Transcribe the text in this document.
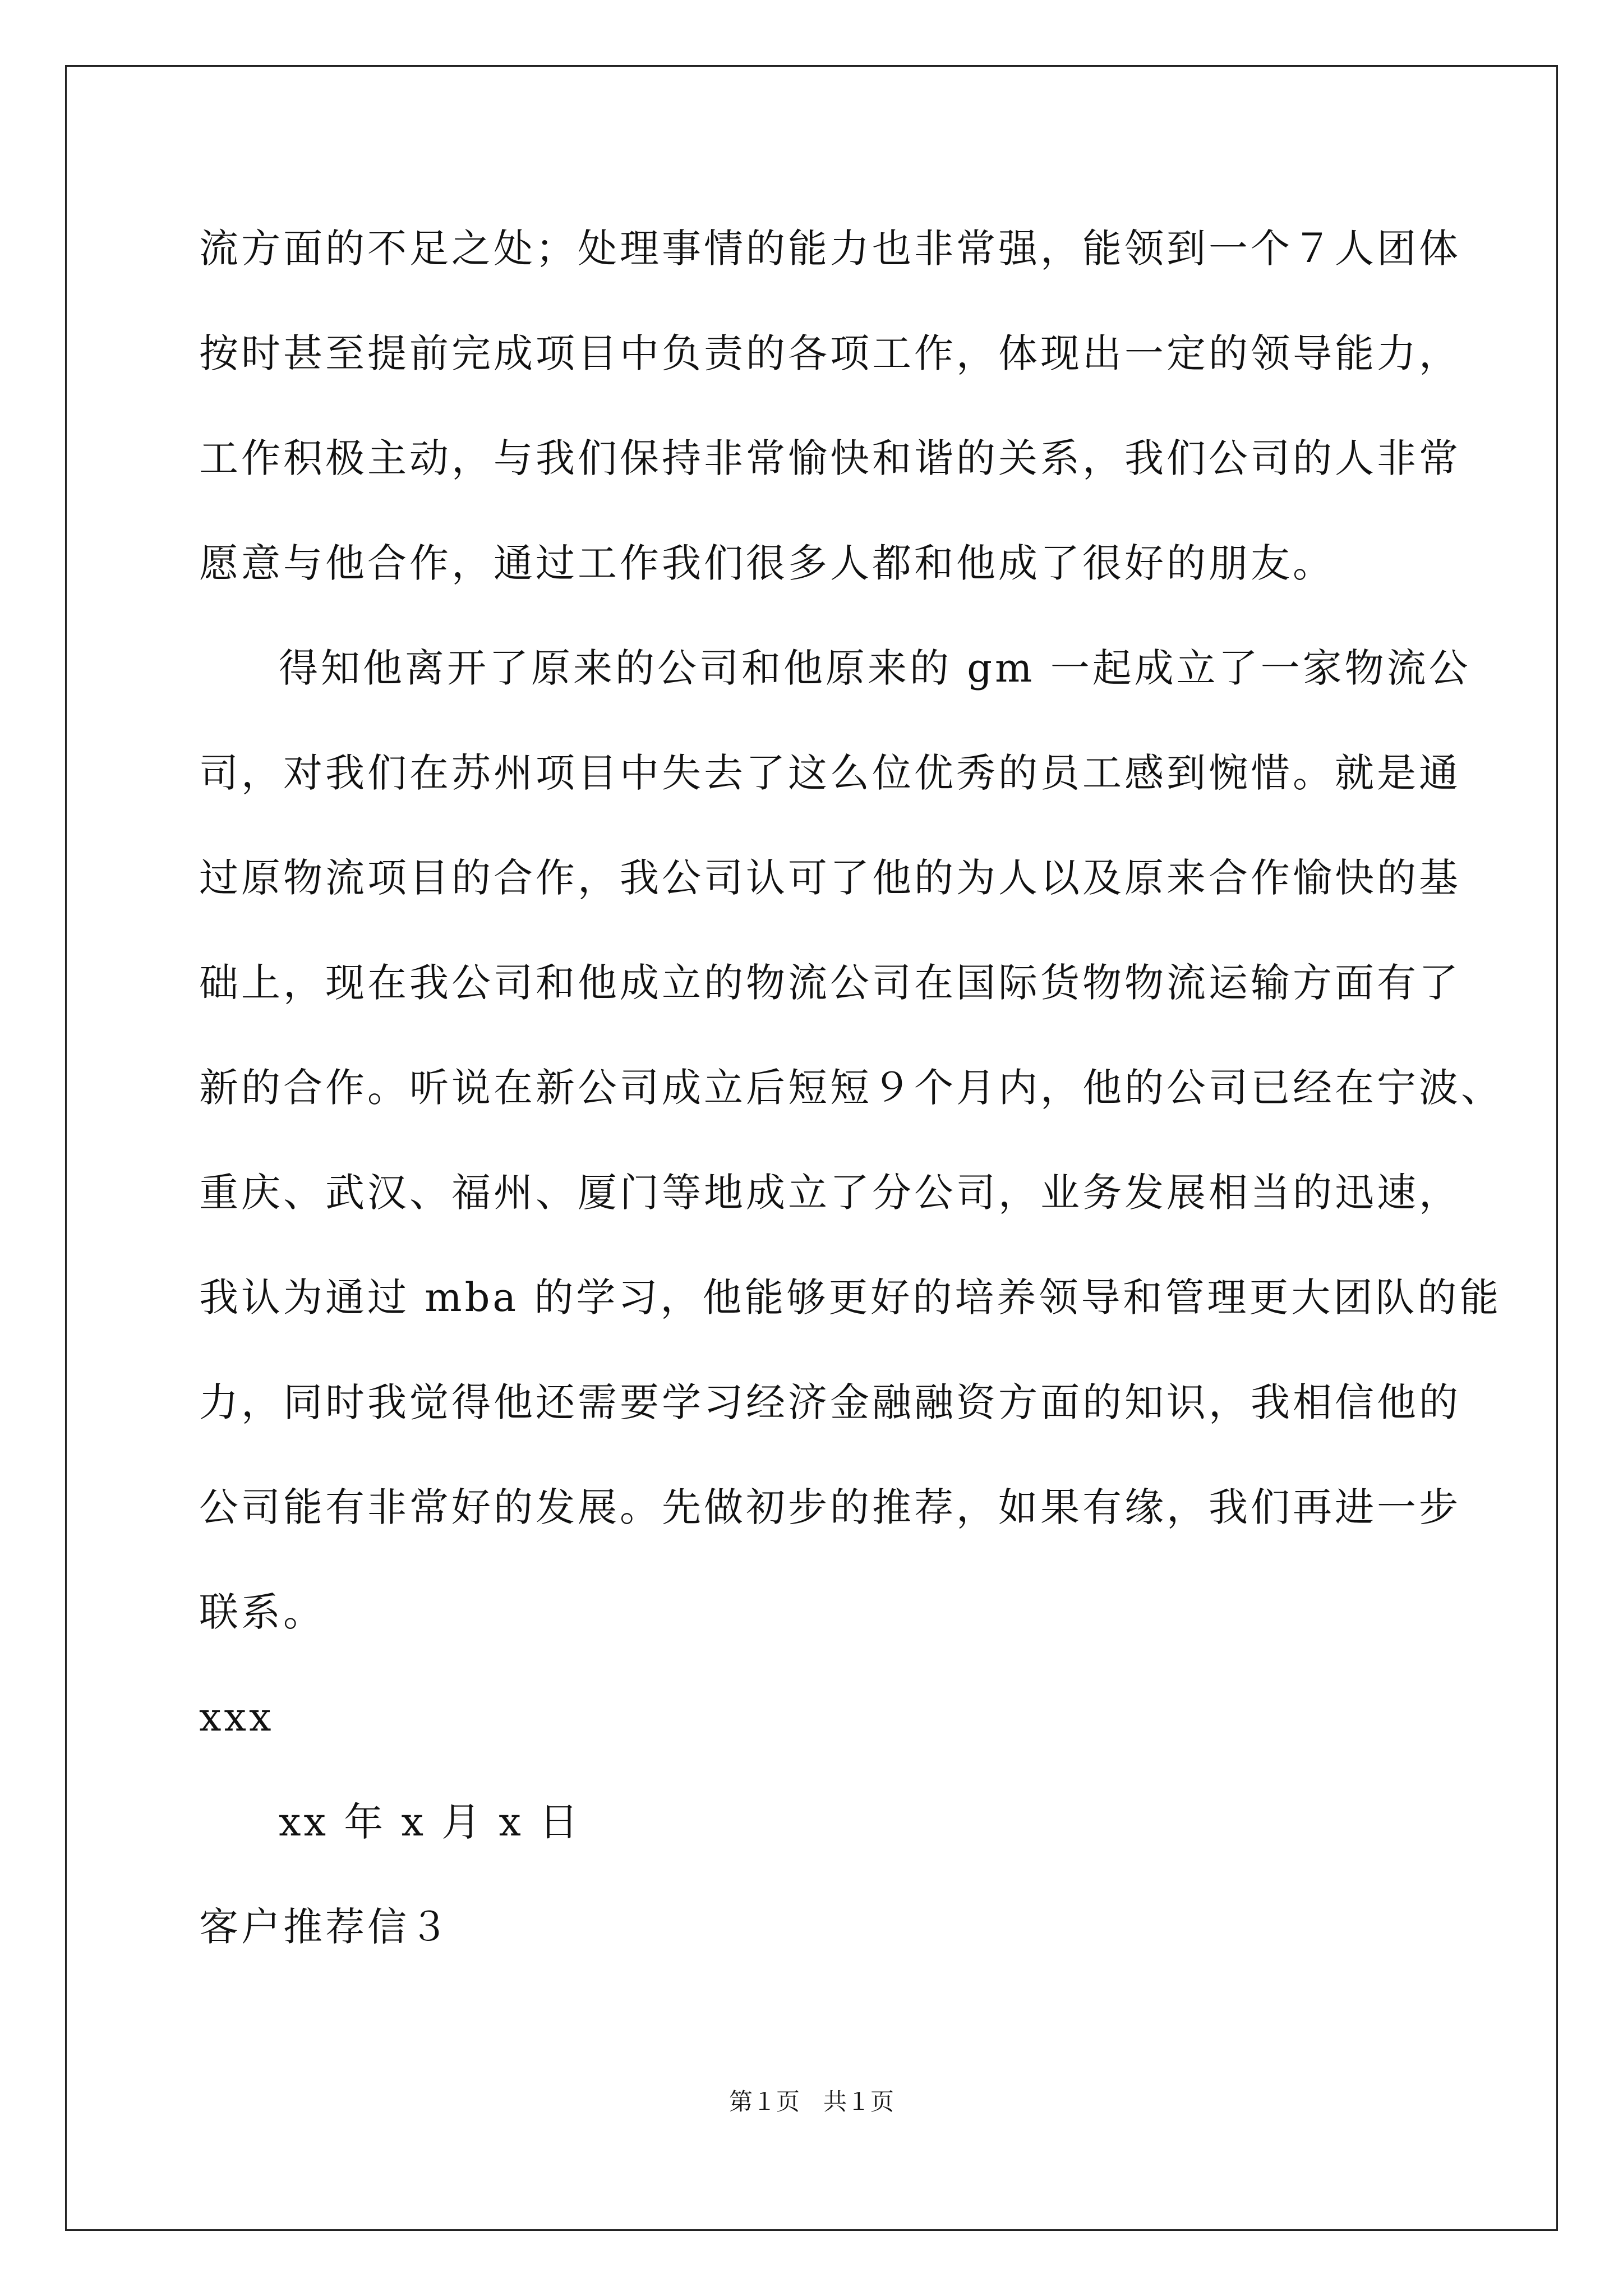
流方面的不足之处；处理事情的能力也非常强，能领到一个７人团体
按时甚至提前完成项目中负责的各项工作，体现出一定的领导能力，
工作积极主动，与我们保持非常愉快和谐的关系，我们公司的人非常
愿意与他合作，通过工作我们很多人都和他成了很好的朋友。
得知他离开了原来的公司和他原来的 gm 一起成立了一家物流公
司，对我们在苏州项目中失去了这么位优秀的员工感到惋惜。就是通
过原物流项目的合作，我公司认可了他的为人以及原来合作愉快的基
础上，现在我公司和他成立的物流公司在国际货物物流运输方面有了
新的合作。听说在新公司成立后短短９个月内，他的公司已经在宁波、
重庆、武汉、福州、厦门等地成立了分公司，业务发展相当的迅速，
我认为通过 mba 的学习，他能够更好的培养领导和管理更大团队的能
力，同时我觉得他还需要学习经济金融融资方面的知识，我相信他的
公司能有非常好的发展。先做初步的推荐，如果有缘，我们再进一步
联系。
xxx
xx 年 x 月 x 日
客户推荐信３
第１页　共１页
